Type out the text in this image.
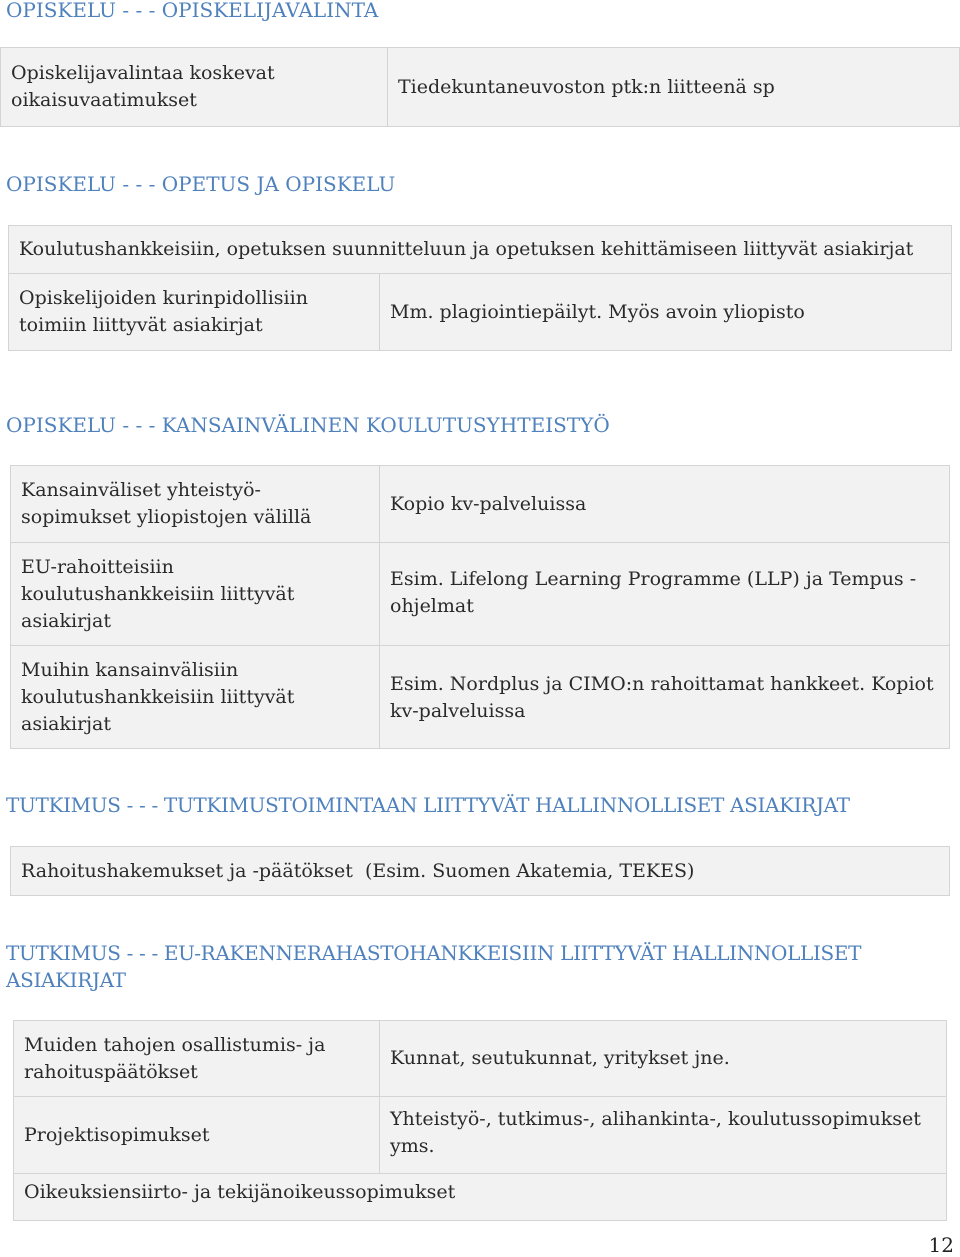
OPISKELU - - - OPISKELIJAVALINTA
Opiskelijavalintaa koskevat oikaisuvaatimukset	Tiedekuntaneuvoston ptk:n liitteenä sp
OPISKELU - - - OPETUS JA OPISKELU
Koulutushankkeisiin, opetuksen suunnitteluun ja opetuksen kehittämiseen liittyvät asiakirjat
Opiskelijoiden kurinpidollisiin toimiin liittyvät asiakirjat	Mm. plagiointiepäilyt. Myös avoin yliopisto
OPISKELU - - - KANSAINVÄLINEN KOULUTUSYHTEISTYÖ
Kansainväliset yhteistyö-sopimukset yliopistojen välillä	Kopio kv-palveluissa
EU-rahoitteisiin koulutushankkeisiin liittyvät asiakirjat	Esim. Lifelong Learning Programme (LLP) ja Tempus -ohjelmat
Muihin kansainvälisiin koulutushankkeisiin liittyvät asiakirjat	Esim. Nordplus ja CIMO:n rahoittamat hankkeet. Kopiot kv-palveluissa
TUTKIMUS - - - TUTKIMUSTOIMINTAAN LIITTYVÄT HALLINNOLLISET ASIAKIRJAT
Rahoitushakemukset ja -päätökset  (Esim. Suomen Akatemia, TEKES)
TUTKIMUS - - - EU-RAKENNERAHASTOHANKKEISIIN LIITTYVÄT HALLINNOLLISET ASIAKIRJAT
Muiden tahojen osallistumis- ja rahoituspäätökset	Kunnat, seutukunnat, yritykset jne.
Projektisopimukset	Yhteistyö-, tutkimus-, alihankinta-, koulutussopimukset yms.
Oikeuksiensiirto- ja tekijänoikeussopimukset	
12
